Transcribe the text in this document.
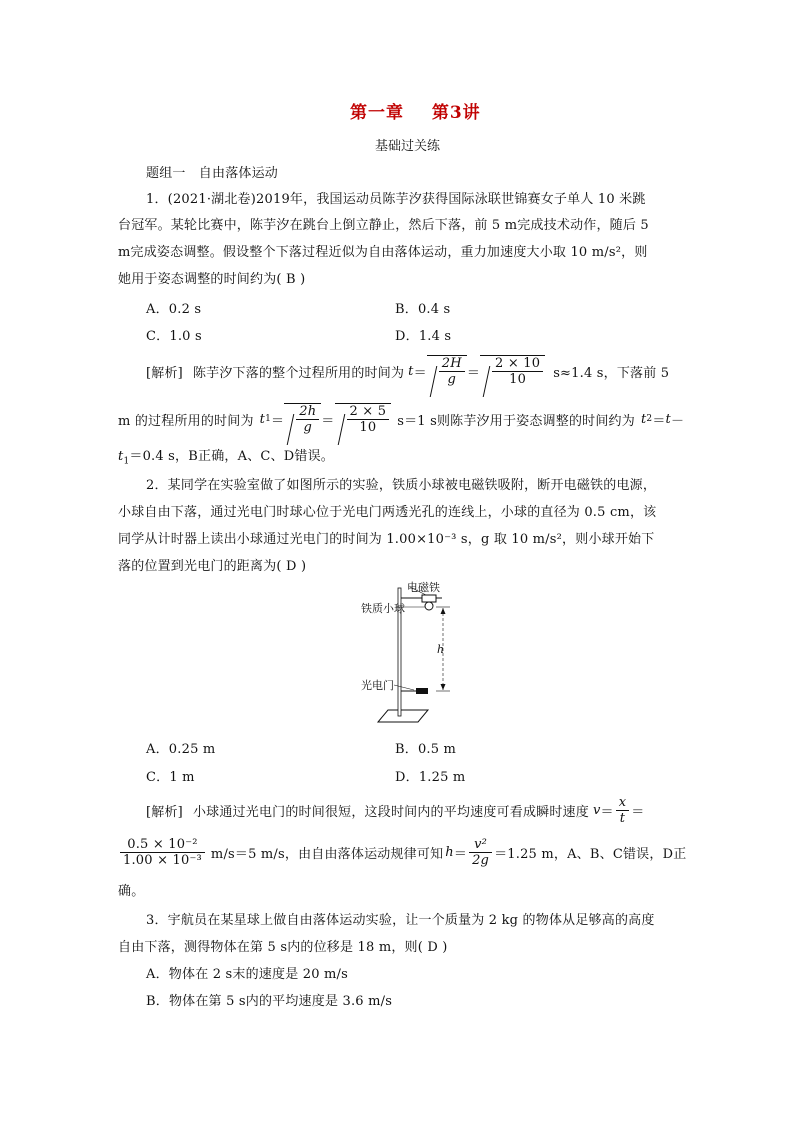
第一章 第3讲
基础过关练
题组一　自由落体运动
1．(2021·湖北卷)2019年，我国运动员陈芋汐获得国际泳联世锦赛女子单人 10 米跳
台冠军。某轮比赛中，陈芋汐在跳台上倒立静止，然后下落，前 5 m完成技术动作，随后 5
m完成姿态调整。假设整个下落过程近似为自由落体运动，重力加速度大小取 10 m/s²，则
她用于姿态调整的时间约为( B )
A．0.2 s	B．0.4 s
C．1.0 s	D．1.4 s
[解析] 陈芋汐下落的整个过程所用的时间为 $t = \frac{2H}{g} = \frac{2 \times 10}{10} s\approx 1.4$ s，下落前 5
m 的过程所用的时间为 t $1 = \frac{2h}{g} = \frac{2 \times 5}{10} s=1$ s则陈芋汐用于姿态调整的时间约为 t 2 ＝ t －
$t_1=0.4$ s，B正确，A、C、D错误。
2．某同学在实验室做了如图所示的实验，铁质小球被电磁铁吸附，断开电磁铁的电源，
小球自由下落，通过光电门时球心位于光电门两透光孔的连线上，小球的直径为 0.5 cm，该
同学从计时器上读出小球通过光电门的时间为 1.00×10⁻³ s，g 取 10 m/s²，则小球开始下
落的位置到光电门的距离为( D )
电磁铁
铁质小球
h
光电门
A．0.25 m	B．0.5 m
C．1 m	D．1.25 m
[解析] 小球通过光电门的时间很短，这段时间内的平均速度可看成瞬时速度 $v = \frac{x}{t}$ ＝
$\frac{\text{0.5 × 10⁻²}}{\text{1.00 × 10⁻³}} m/s=5$ m/s，由自由落体运动规律可知 $h = \frac{\text{v²}}{2g} =1.25$ m，A、B、C错误，D正
确。
3．宇航员在某星球上做自由落体运动实验，让一个质量为 2 kg 的物体从足够高的高度
自由下落，测得物体在第 5 s内的位移是 18 m，则( D )
A．物体在 2 s末的速度是 20 m/s
B．物体在第 5 s内的平均速度是 3.6 m/s
